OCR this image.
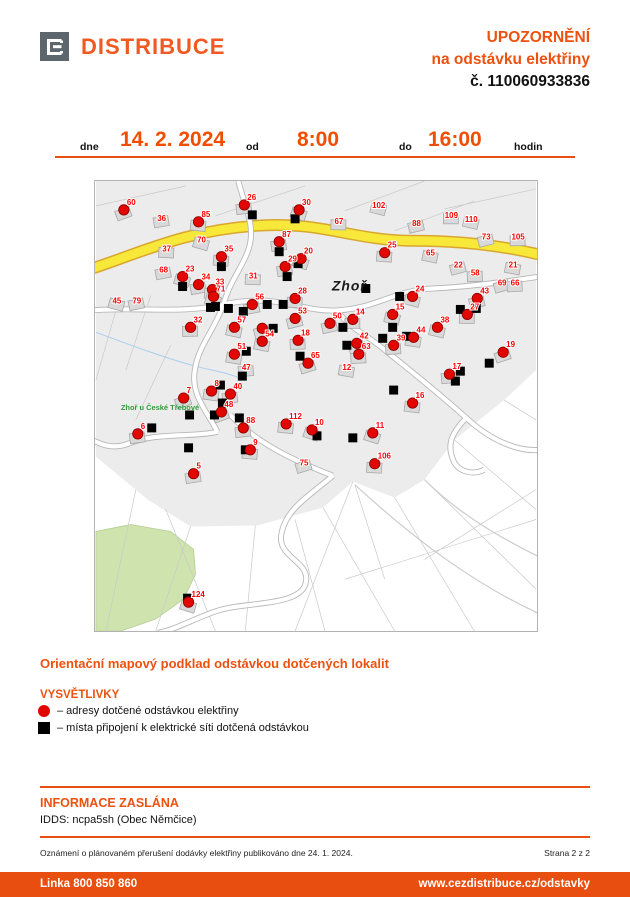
DISTRIBUCE	UPOZORNĚNÍ
na odstávku elektřiny
č. 110060933836
dne 14. 2. 2024 od 8:00	do 16:00	hodin
60
26
85
30
87
35	20
29
25
23
34
33
71
56
28	24	43
27
15
50 14
38
53
32	57
18
54	42
63
51
65
39
44
19
17
8
7	40
16
48
88	112
10
6
9
11
5
106
124
36
37
70
68
31
45 79
67
102
88
109 110
73	105
65
22
58
21
69 66
12
75
47
Zhoř
Zhoř u České Třebové
Orientační mapový podklad odstávkou dotčených lokalit
VYSVĚTLIVKY
– adresy dotčené odstávkou elektřiny
– místa připojení k elektrické síti dotčená odstávkou
INFORMACE ZASLÁNA
IDDS: ncpa5sh (Obec Němčice)
Oznámení o plánovaném přerušení dodávky elektřiny publikováno dne 24. 1. 2024.	Strana 2 z 2
Linka 800 850 860	www.cezdistribuce.cz/odstavky
